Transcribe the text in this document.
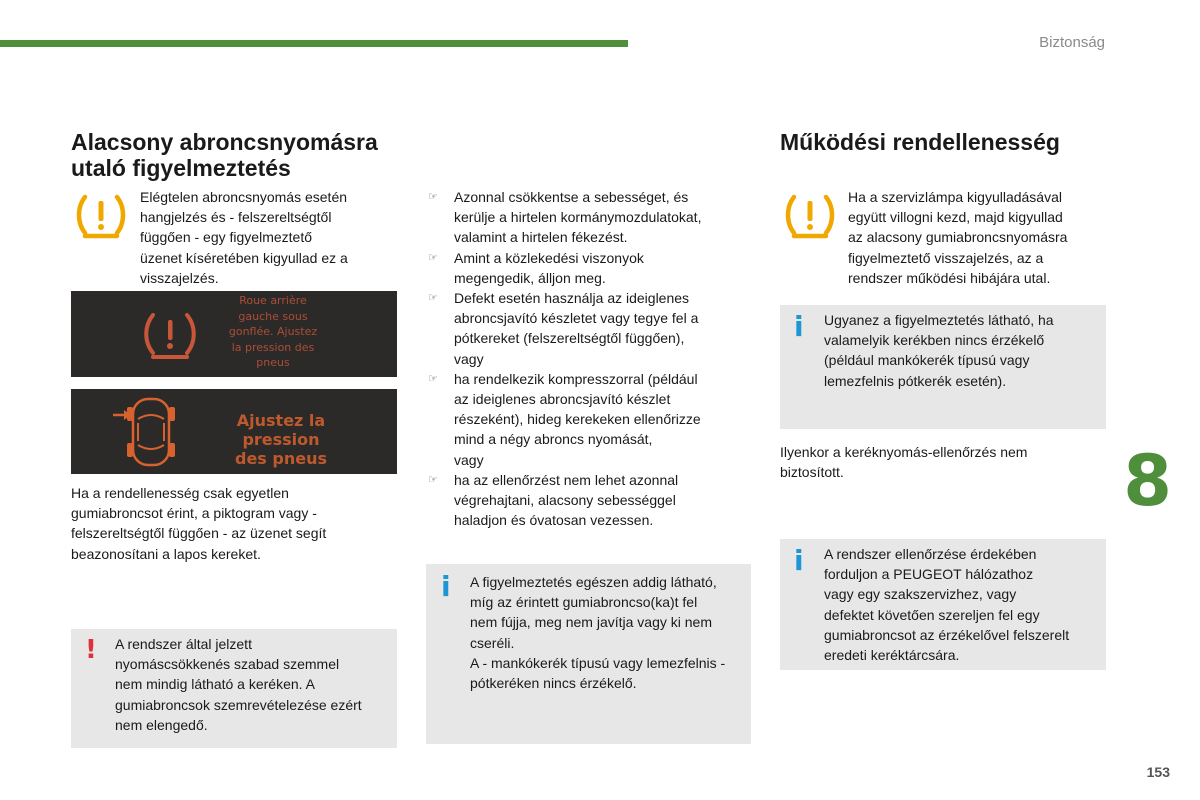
Biztonság
Alacsony abroncsnyomásra
utaló figyelmeztetés
Elégtelen abroncsnyomás esetén
hangjelzés és - felszereltségtől
függően - egy figyelmeztető
üzenet kíséretében kigyullad ez a
visszajelzés.
Roue arrière
gauche sous
gonflée. Ajustez
la pression des
pneus
Ajustez la pression
des pneus
Ha a rendellenesség csak egyetlen
gumiabroncsot érint, a piktogram vagy -
felszereltségtől függően - az üzenet segít
beazonosítani a lapos kereket.
! A rendszer által jelzett
nyomáscsökkenés szabad szemmel
nem mindig látható a keréken. A
gumiabroncsok szemrevételezése ezért
nem elengedő.
☞ Azonnal csökkentse a sebességet, és
kerülje a hirtelen kormánymozdulatokat,
valamint a hirtelen fékezést.
☞ Amint a közlekedési viszonyok
megengedik, álljon meg.
☞ Defekt esetén használja az ideiglenes
abroncsjavító készletet vagy tegye fel a
pótkereket (felszereltségtől függően),
vagy
☞ ha rendelkezik kompresszorral (például
az ideiglenes abroncsjavító készlet
részeként), hideg kerekeken ellenőrizze
mind a négy abroncs nyomását,
vagy
☞ ha az ellenőrzést nem lehet azonnal
végrehajtani, alacsony sebességgel
haladjon és óvatosan vezessen.
i A figyelmeztetés egészen addig látható,
míg az érintett gumiabroncso(ka)t fel
nem fújja, meg nem javítja vagy ki nem
cseréli.
A - mankókerék típusú vagy lemezfelnis -
pótkeréken nincs érzékelő.
Működési rendellenesség
Ha a szervizlámpa kigyulladásával
együtt villogni kezd, majd kigyullad
az alacsony gumiabroncsnyomásra
figyelmeztető visszajelzés, az a
rendszer működési hibájára utal.
i Ugyanez a figyelmeztetés látható, ha
valamelyik kerékben nincs érzékelő
(például mankókerék típusú vagy
lemezfelnis pótkerék esetén).
Ilyenkor a keréknyomás-ellenőrzés nem
biztosított.
i A rendszer ellenőrzése érdekében
forduljon a PEUGEOT hálózathoz
vagy egy szakszervizhez, vagy
defektet követően szereljen fel egy
gumiabroncsot az érzékelővel felszerelt
eredeti keréktárcsára.
8
153
